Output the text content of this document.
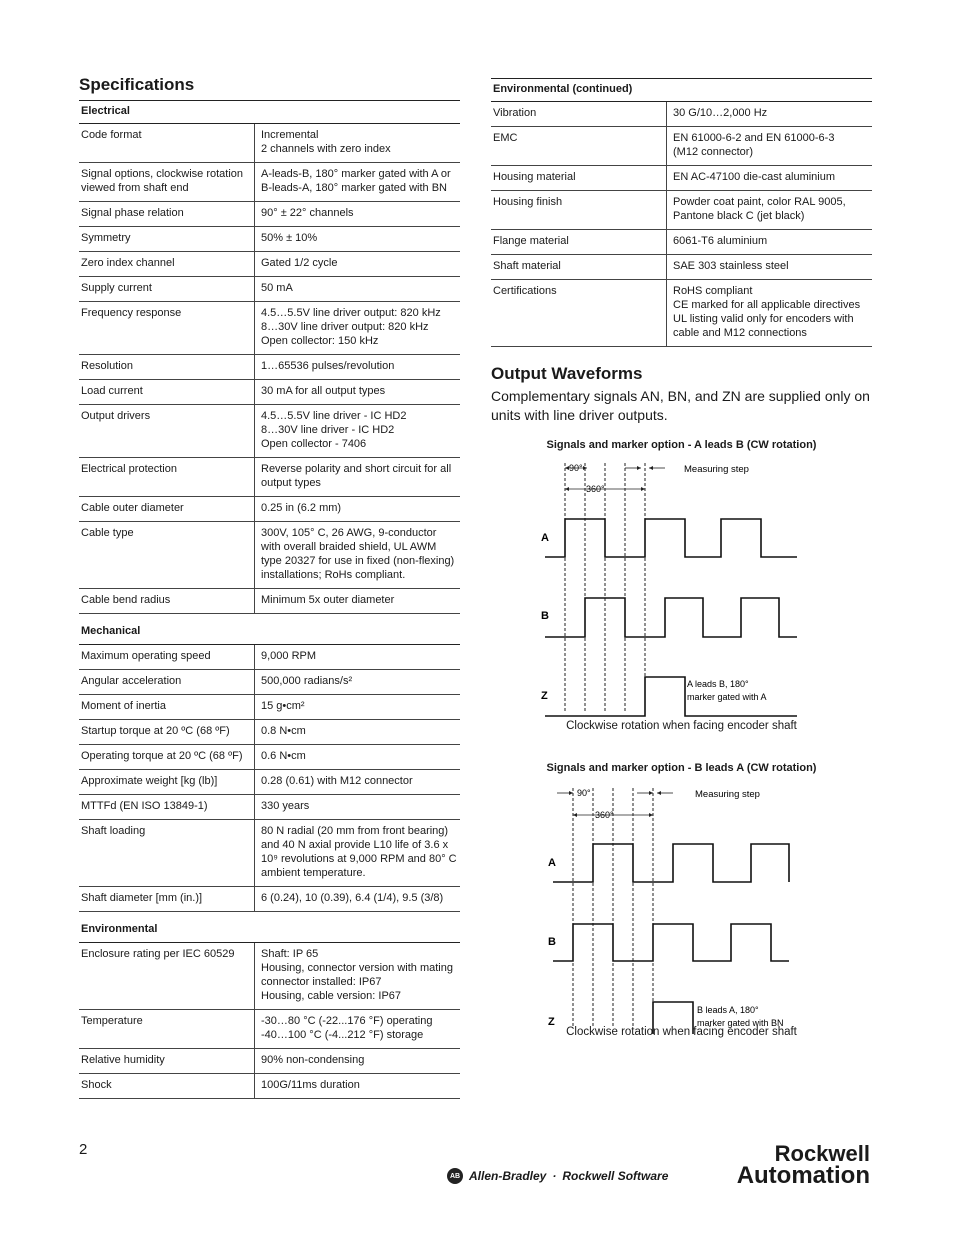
Specifications
Electrical	
Code format	Incremental
2 channels with zero index

Signal options, clockwise rotation viewed from shaft end	A-leads-B, 180° marker gated with A or
B-leads-A, 180° marker gated with BN

Signal phase relation	90° ± 22° channels

Symmetry	50% ± 10%

Zero index channel	Gated 1/2 cycle

Supply current	50 mA

Frequency response	4.5…5.5V line driver output: 820 kHz
8…30V line driver output: 820 kHz
Open collector: 150 kHz

Resolution	1…65536 pulses/revolution

Load current	30 mA for all output types

Output drivers	4.5…5.5V line driver - IC HD2
8…30V line driver - IC HD2
Open collector - 7406

Electrical protection	Reverse polarity and short circuit for all output types

Cable outer diameter	0.25 in (6.2 mm)

Cable type	300V, 105° C, 26 AWG, 9-conductor with overall braided shield, UL AWM type 20327 for use in fixed (non-flexing) installations; RoHs compliant.

Cable bend radius	Minimum 5x outer diameter

Mechanical	
Maximum operating speed	9,000 RPM

Angular acceleration	500,000 radians/s²

Moment of inertia	15 g•cm²

Startup torque at 20 ºC (68 ºF)	0.8 N•cm

Operating torque at 20 ºC (68 ºF)	0.6 N•cm

Approximate weight [kg (lb)]	0.28 (0.61) with M12 connector

MTTFd (EN ISO 13849-1)	330 years

Shaft loading	80 N radial (20 mm from front bearing) and 40 N axial provide L10 life of 3.6 x 10⁹ revolutions at 9,000 RPM and 80° C ambient temperature.

Shaft diameter [mm (in.)]	6 (0.24), 10 (0.39), 6.4 (1/4), 9.5 (3/8)

Environmental	
Enclosure rating per IEC 60529	Shaft: IP 65
Housing, connector version with mating connector installed: IP67
Housing, cable version: IP67

Temperature	-30…80 °C (-22...176 °F) operating
-40…100 °C (-4...212 °F) storage

Relative humidity	90% non-condensing

Shock	100G/11ms duration
Environmental (continued)	
Vibration	30 G/10…2,000 Hz

EMC	EN 61000-6-2 and EN 61000-6-3
(M12 connector)

Housing material	EN AC-47100 die-cast aluminium

Housing finish	Powder coat paint, color RAL 9005,
Pantone black C (jet black)

Flange material	6061-T6 aluminium

Shaft material	SAE 303 stainless steel

Certifications	RoHS compliant
CE marked for all applicable directives
UL listing valid only for encoders with cable and M12 connections
Output Waveforms

Complementary signals AN, BN, and ZN are supplied only on units with line driver outputs.

Signals and marker option - A leads B (CW rotation)
90°
360°
Measuring step
A
B
Z
A leads B, 180°
marker gated with A
Clockwise rotation when facing encoder shaft
Signals and marker option - B leads A (CW rotation)
90°
360°
Measuring step
A
B
Z
B leads A, 180°
marker gated with BN
Clockwise rotation when facing encoder shaft
2
AB Allen-Bradley · Rockwell Software
Rockwell
Automation
